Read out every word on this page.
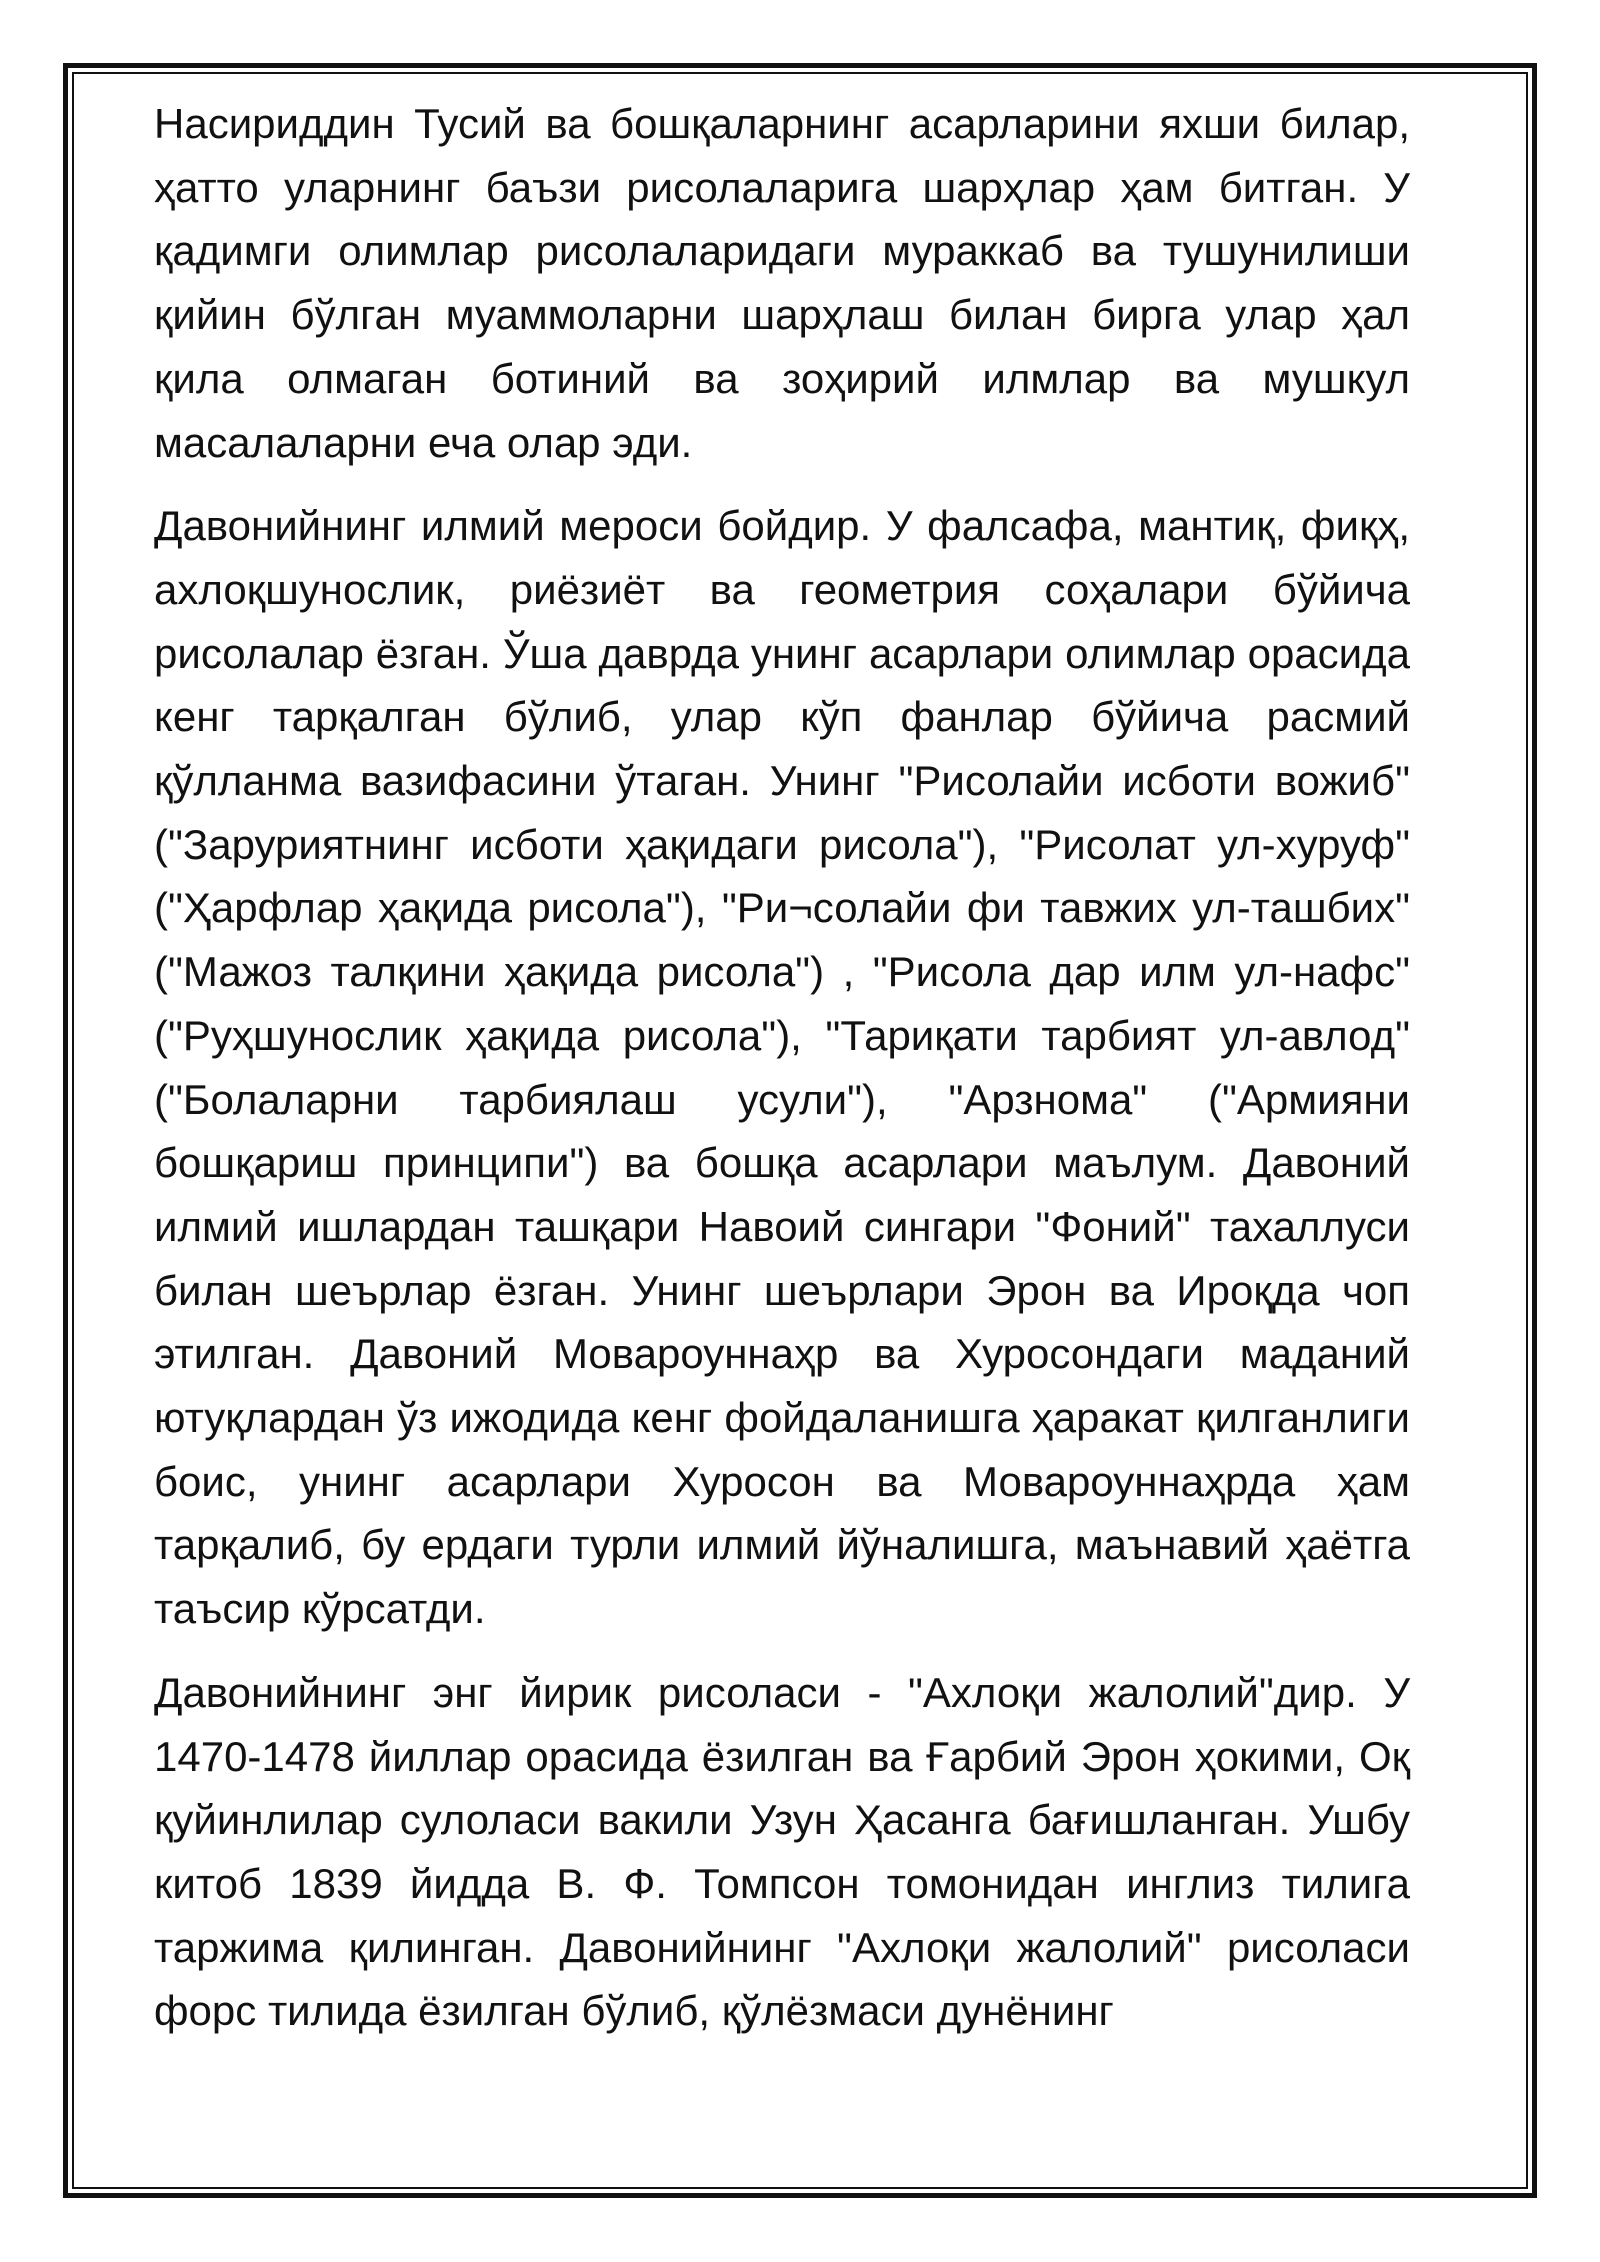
Насириддин Тусий ва бошқаларнинг асарларини яхши билар, ҳатто уларнинг баъзи рисолаларига шарҳлар ҳам битган. У қадимги олимлар рисолаларидаги мураккаб ва тушунилиши қийин бўлган муаммоларни шарҳлаш билан бирга улар ҳал қила олмаган ботиний ва зоҳирий илмлар ва мушкул масалаларни еча олар эди.

Давонийнинг илмий мероси бойдир. У фалсафа, мантиқ, фиқҳ, ахлоқшунослик, риёзиёт ва геометрия соҳалари бўйича рисолалар ёзган. Ўша даврда унинг асарлари олимлар орасида кенг тарқалган бўлиб, улар кўп фанлар бўйича расмий қўлланма вазифасини ўтаган. Унинг "Рисолайи исботи вожиб" ("Заруриятнинг исботи ҳақидаги рисола"), "Рисолат ул-хуруф" ("Ҳарфлар ҳақида рисола"), "Ри¬солайи фи тавжих ул-ташбих" ("Мажоз талқини ҳақида рисола") , "Рисола дар илм ул-нафс" ("Руҳшунослик ҳақида рисола"), "Тариқати тарбият ул-авлод" ("Болаларни тарбиялаш усули"), "Арзнома" ("Армияни бошқариш принципи") ва бошқа асарлари маълум. Давоний илмий ишлардан ташқари Навоий сингари "Фоний" тахаллуси билан шеърлар ёзган. Унинг шеърлари Эрон ва Ироқда чоп этилган. Давоний Мовароуннаҳр ва Хуросондаги маданий ютуқлардан ўз ижодида кенг фойдаланишга ҳаракат қилганлиги боис, унинг асарлари Хуросон ва Мовароуннаҳрда ҳам тарқалиб, бу ердаги турли илмий йўналишга, маънавий ҳаётга таъсир кўрсатди.

Давонийнинг энг йирик рисоласи - "Ахлоқи жалолий"дир. У 1470-1478 йиллар орасида ёзилган ва Ғарбий Эрон ҳокими, Оқ қуйинлилар сулоласи вакили Узун Ҳасанга бағишланган. Ушбу китоб 1839 йидда В. Ф. Томпсон томонидан инглиз тилига таржима қилинган. Давонийнинг "Ахлоқи жалолий" рисоласи форс тилида ёзилган бўлиб, қўлёзмаси дунёнинг
